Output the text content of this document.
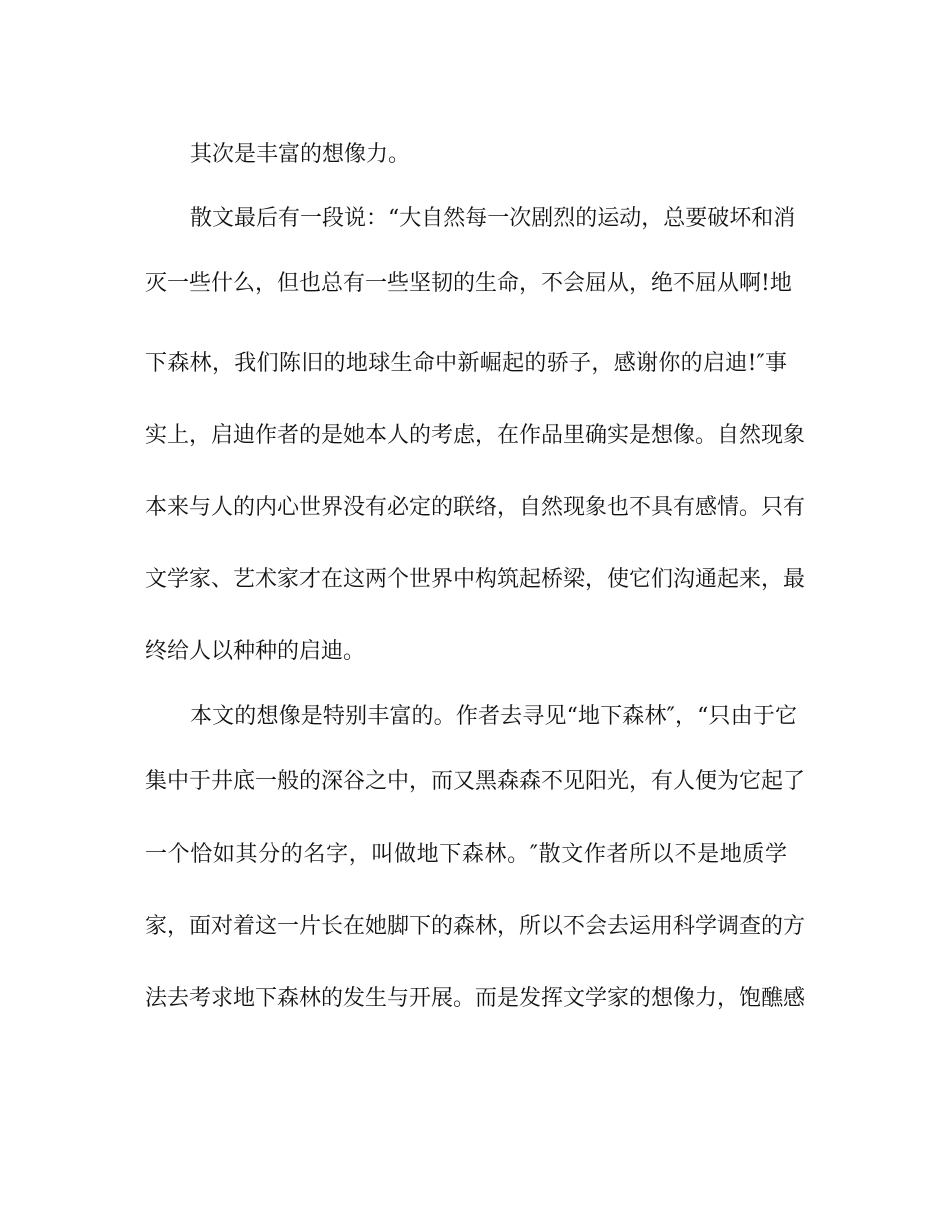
其次是丰富的想像力。
散文最后有一段说：“大自然每一次剧烈的运动，总要破坏和消
灭一些什么，但也总有一些坚韧的生命，不会屈从，绝不屈从啊!地
下森林，我们陈旧的地球生命中新崛起的骄子，感谢你的启迪!″事
实上，启迪作者的是她本人的考虑，在作品里确实是想像。自然现象
本来与人的内心世界没有必定的联络，自然现象也不具有感情。只有
文学家、艺术家才在这两个世界中构筑起桥梁，使它们沟通起来，最
终给人以种种的启迪。
本文的想像是特别丰富的。作者去寻见“地下森林″，“只由于它
集中于井底一般的深谷之中，而又黑森森不见阳光，有人便为它起了
一个恰如其分的名字，叫做地下森林。″散文作者所以不是地质学
家，面对着这一片长在她脚下的森林，所以不会去运用科学调查的方
法去考求地下森林的发生与开展。而是发挥文学家的想像力，饱醮感
